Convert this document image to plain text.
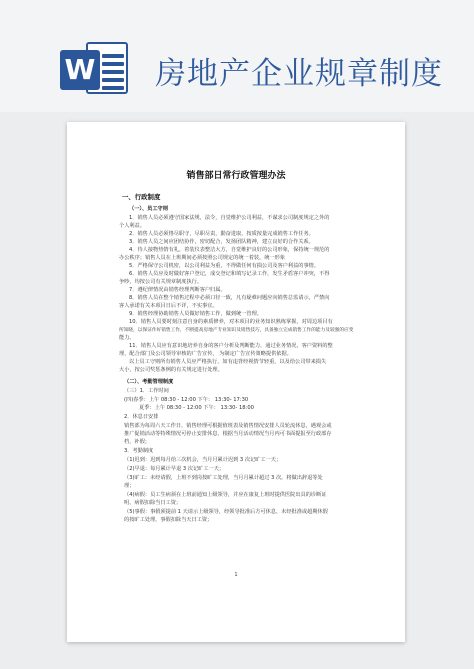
W 房地产企业规章制度
销售部日常行政管理办法
一、行政制度
（一）、员工守则
1．销售人员必须遵守国家法规，法令，自觉维护公司利益，不谋求公司制度规定之外的
个人利益。
2．销售人员必须恪尽职守，尽职尽责，勤奋进取，按质按量完成销售工作任务。
3．销售人员之间应团结协作，密切配合，发扬团队精神，建立良好的合作关系。
4．待人接物热情有礼，着装仪表整洁大方，自觉维护良好的公司形象，保持统一规范的
办公秩序；销售人员在上班期间必须按照公司规定的统一着装，统一形象
5．严格保守公司机密，以公司利益为重，不得做任何有损公司及客户利益的事情。
6．销售人员应及时做好客户登记，成交登记和填写记录工作，发生矛盾客户冲突，不得
争吵，均按公司有关规章制度执行。
7．遵纪律情况由销售经理判断客户归属。
8．销售人员在整个销售过程中必须口径一致，凡有疑难问题应向销售总监请示，严禁向
客人承诺有关本项目日后不详，不实事宜。
9．销售经理协助销售人员做好销售工作，做到统一管理。
10．销售人员要时刻注意自身的素质修养，对本项目的业务知识熟练掌握，对周边项目有
所知晓，以保证作好销售工作，不断提高房地产专业知识及销售技巧，具备独立完成销售工作的能力及较强的应变
能力。
11．销售人员应有意识地培养自身的客户分析及判断能力，通过业务情况，客户资料的整
理，配合部门及公司领导审核的广告宣传， 为制定广告宣传策略提供依据。
以上员工守则所有销售人员应严格执行，如有违背经视情节轻重，以及给公司带来损失
大小，按公司奖惩条例的有关规定进行处理。
（二）、考勤管理制度
（三）1．工作时间
(四)春季：上午 08:30 - 12:00 下午： 13:30- 17:30
夏季：上午 08:30 - 12:00 下午： 13:30- 18:00
2．休息日安排
销售部为每周六天工作日，销售经理可根据值班表及销售情况安排人员轮流休息，遇观会或
推广促销活动等特殊情况可停止安排休息，根据当月活动情况当月内可书面提报至行政部存
档，补假；
3．考勤制度
（1)迟到：迟到每月给三次机会，当月月累计迟到 3 次记旷工一天；
（2)早退：每月累计早退 3 次记旷工一天；
（3)旷工：未经请假，上班不到岗按旷工处理，当月月累计超过 3 次，将做出辞退等处
理；
（4)病假：员工生病须在上班前通知上级领导，并应在康复上班时提供医院出具的诊断证
明、病假扣除当日工资；
（5)事假：事假须提前 1 天请示上级领导，经领导批准后方可休息，未经批准或超期休假
的按旷工处理，事假扣除当天日工资；
1
